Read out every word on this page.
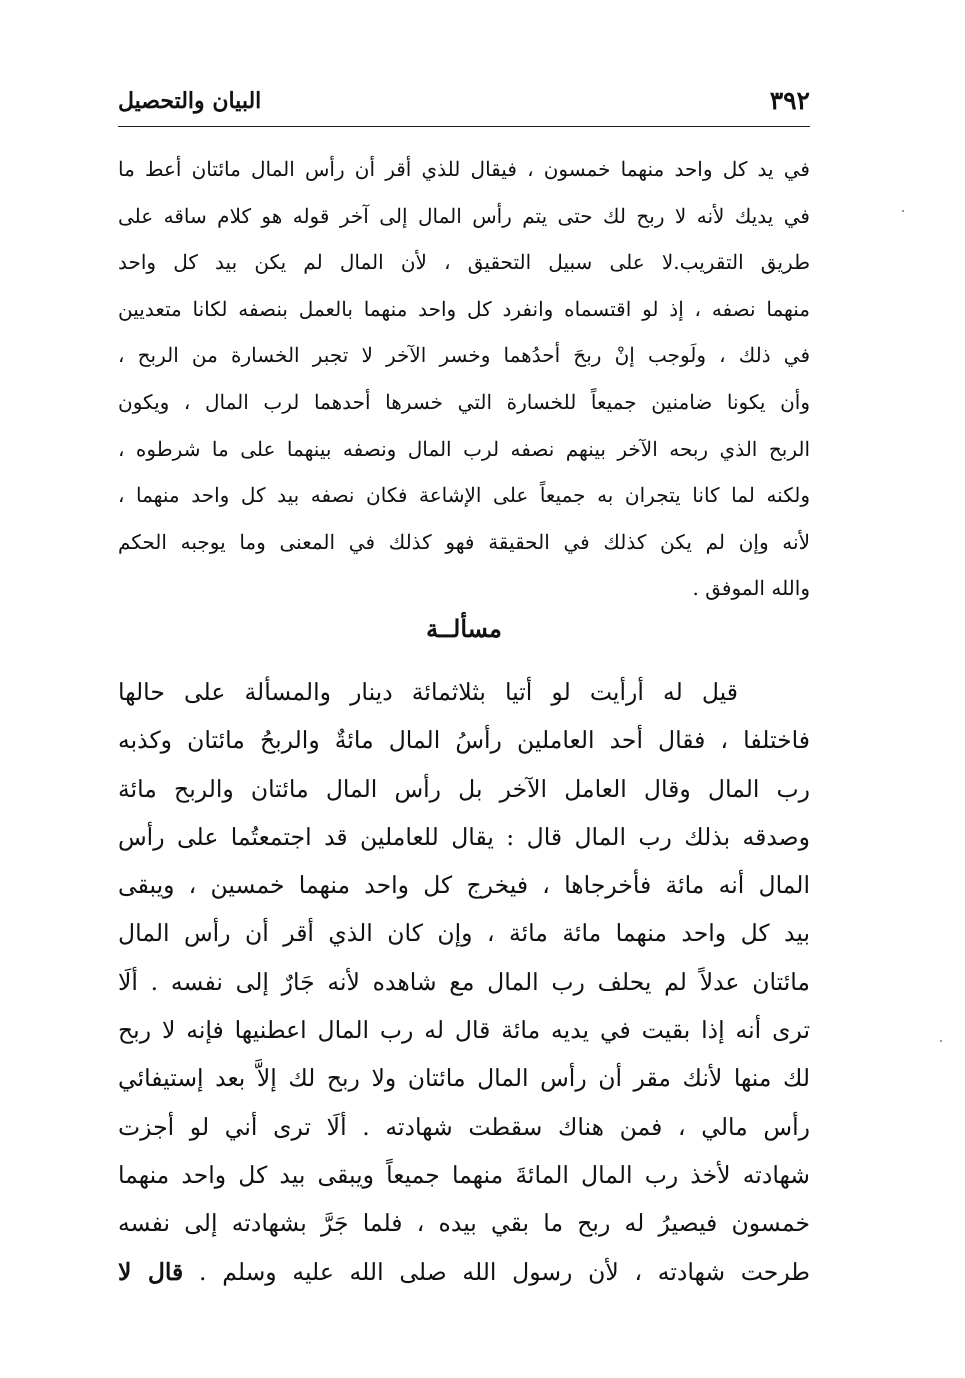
٣٩٢
البيان والتحصيل
في يد كل واحد منهما خمسون ، فيقال للذي أقر أن رأس المال مائتان أعط ما
في يديك لأنه لا ربح لك حتى يتم رأس المال إلى آخر قوله هو كلام ساقه على
طريق التقريب.لا على سبيل التحقيق ، لأن المال لم يكن بيد كل واحد
منهما نصفه ، إذ لو اقتسماه وانفرد كل واحد منهما بالعمل بنصفه لكانا متعديين
في ذلك ، ولَوجب إنْ ربحَ أحدُهما وخسر الآخر لا تجبر الخسارة من الربح ،
وأن يكونا ضامنين جميعاً للخسارة التي خسرها أحدهما لرب المال ، ويكون
الربح الذي ربحه الآخر بينهم نصفه لرب المال ونصفه بينهما على ما شرطوه ،
ولكنه لما كانا يتجران به جميعاً على الإشاعة فكان نصفه بيد كل واحد منهما ،
لأنه وإن لم يكن كذلك في الحقيقة فهو كذلك في المعنى وما يوجبه الحكم
والله الموفق .
مسألــة
قيل له أرأيت لو أتيا بثلاثمائة دينار والمسألة على حالها
فاختلفا ، فقال أحد العاملين رأسُ المال مائةٌ والربحُ مائتان وكذبه
رب المال وقال العامل الآخر بل رأس المال مائتان والربح مائة
وصدقه بذلك رب المال قال : يقال للعاملين قد اجتمعتُما على رأس
المال أنه مائة فأخرجاها ، فيخرج كل واحد منهما خمسين ، ويبقى
بيد كل واحد منهما مائة مائة ، وإن كان الذي أقر أن رأس المال
مائتان عدلاً لم يحلف رب المال مع شاهده لأنه جَارٌ إلى نفسه . ألَا
ترى أنه إذا بقيت في يديه مائة قال له رب المال اعطنيها فإنه لا ربح
لك منها لأنك مقر أن رأس المال مائتان ولا ربح لك إلاَّ بعد إستيفائي
رأس مالي ، فمن هناك سقطت شهادته . ألَا ترى أني لو أجزت
شهادته لأخذ رب المال المائةَ منهما جميعاً ويبقى بيد كل واحد منهما
خمسون فيصيرُ له ربح ما بقي بيده ، فلما جَرَّ بشهادته إلى نفسه
طرحت شهادته ، لأن رسول الله صلى الله عليه وسلم . قال لا
